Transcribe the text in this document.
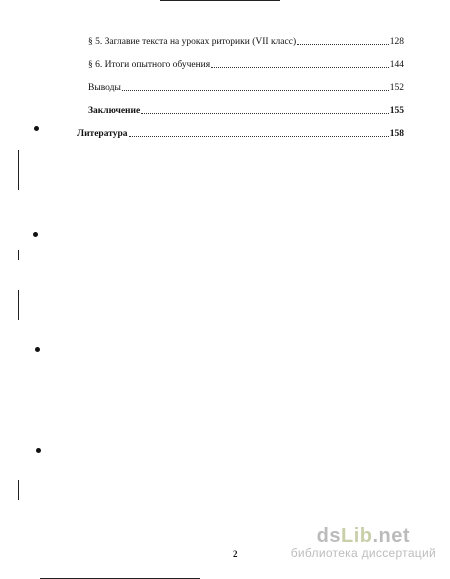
§ 5. Заглавие текста на уроках риторики (VII класс)	128
§ 6. Итоги опытного обучения	144
Выводы	152
Заключение	155
Литература	158
2
dsLib.net
библиотека диссертаций
